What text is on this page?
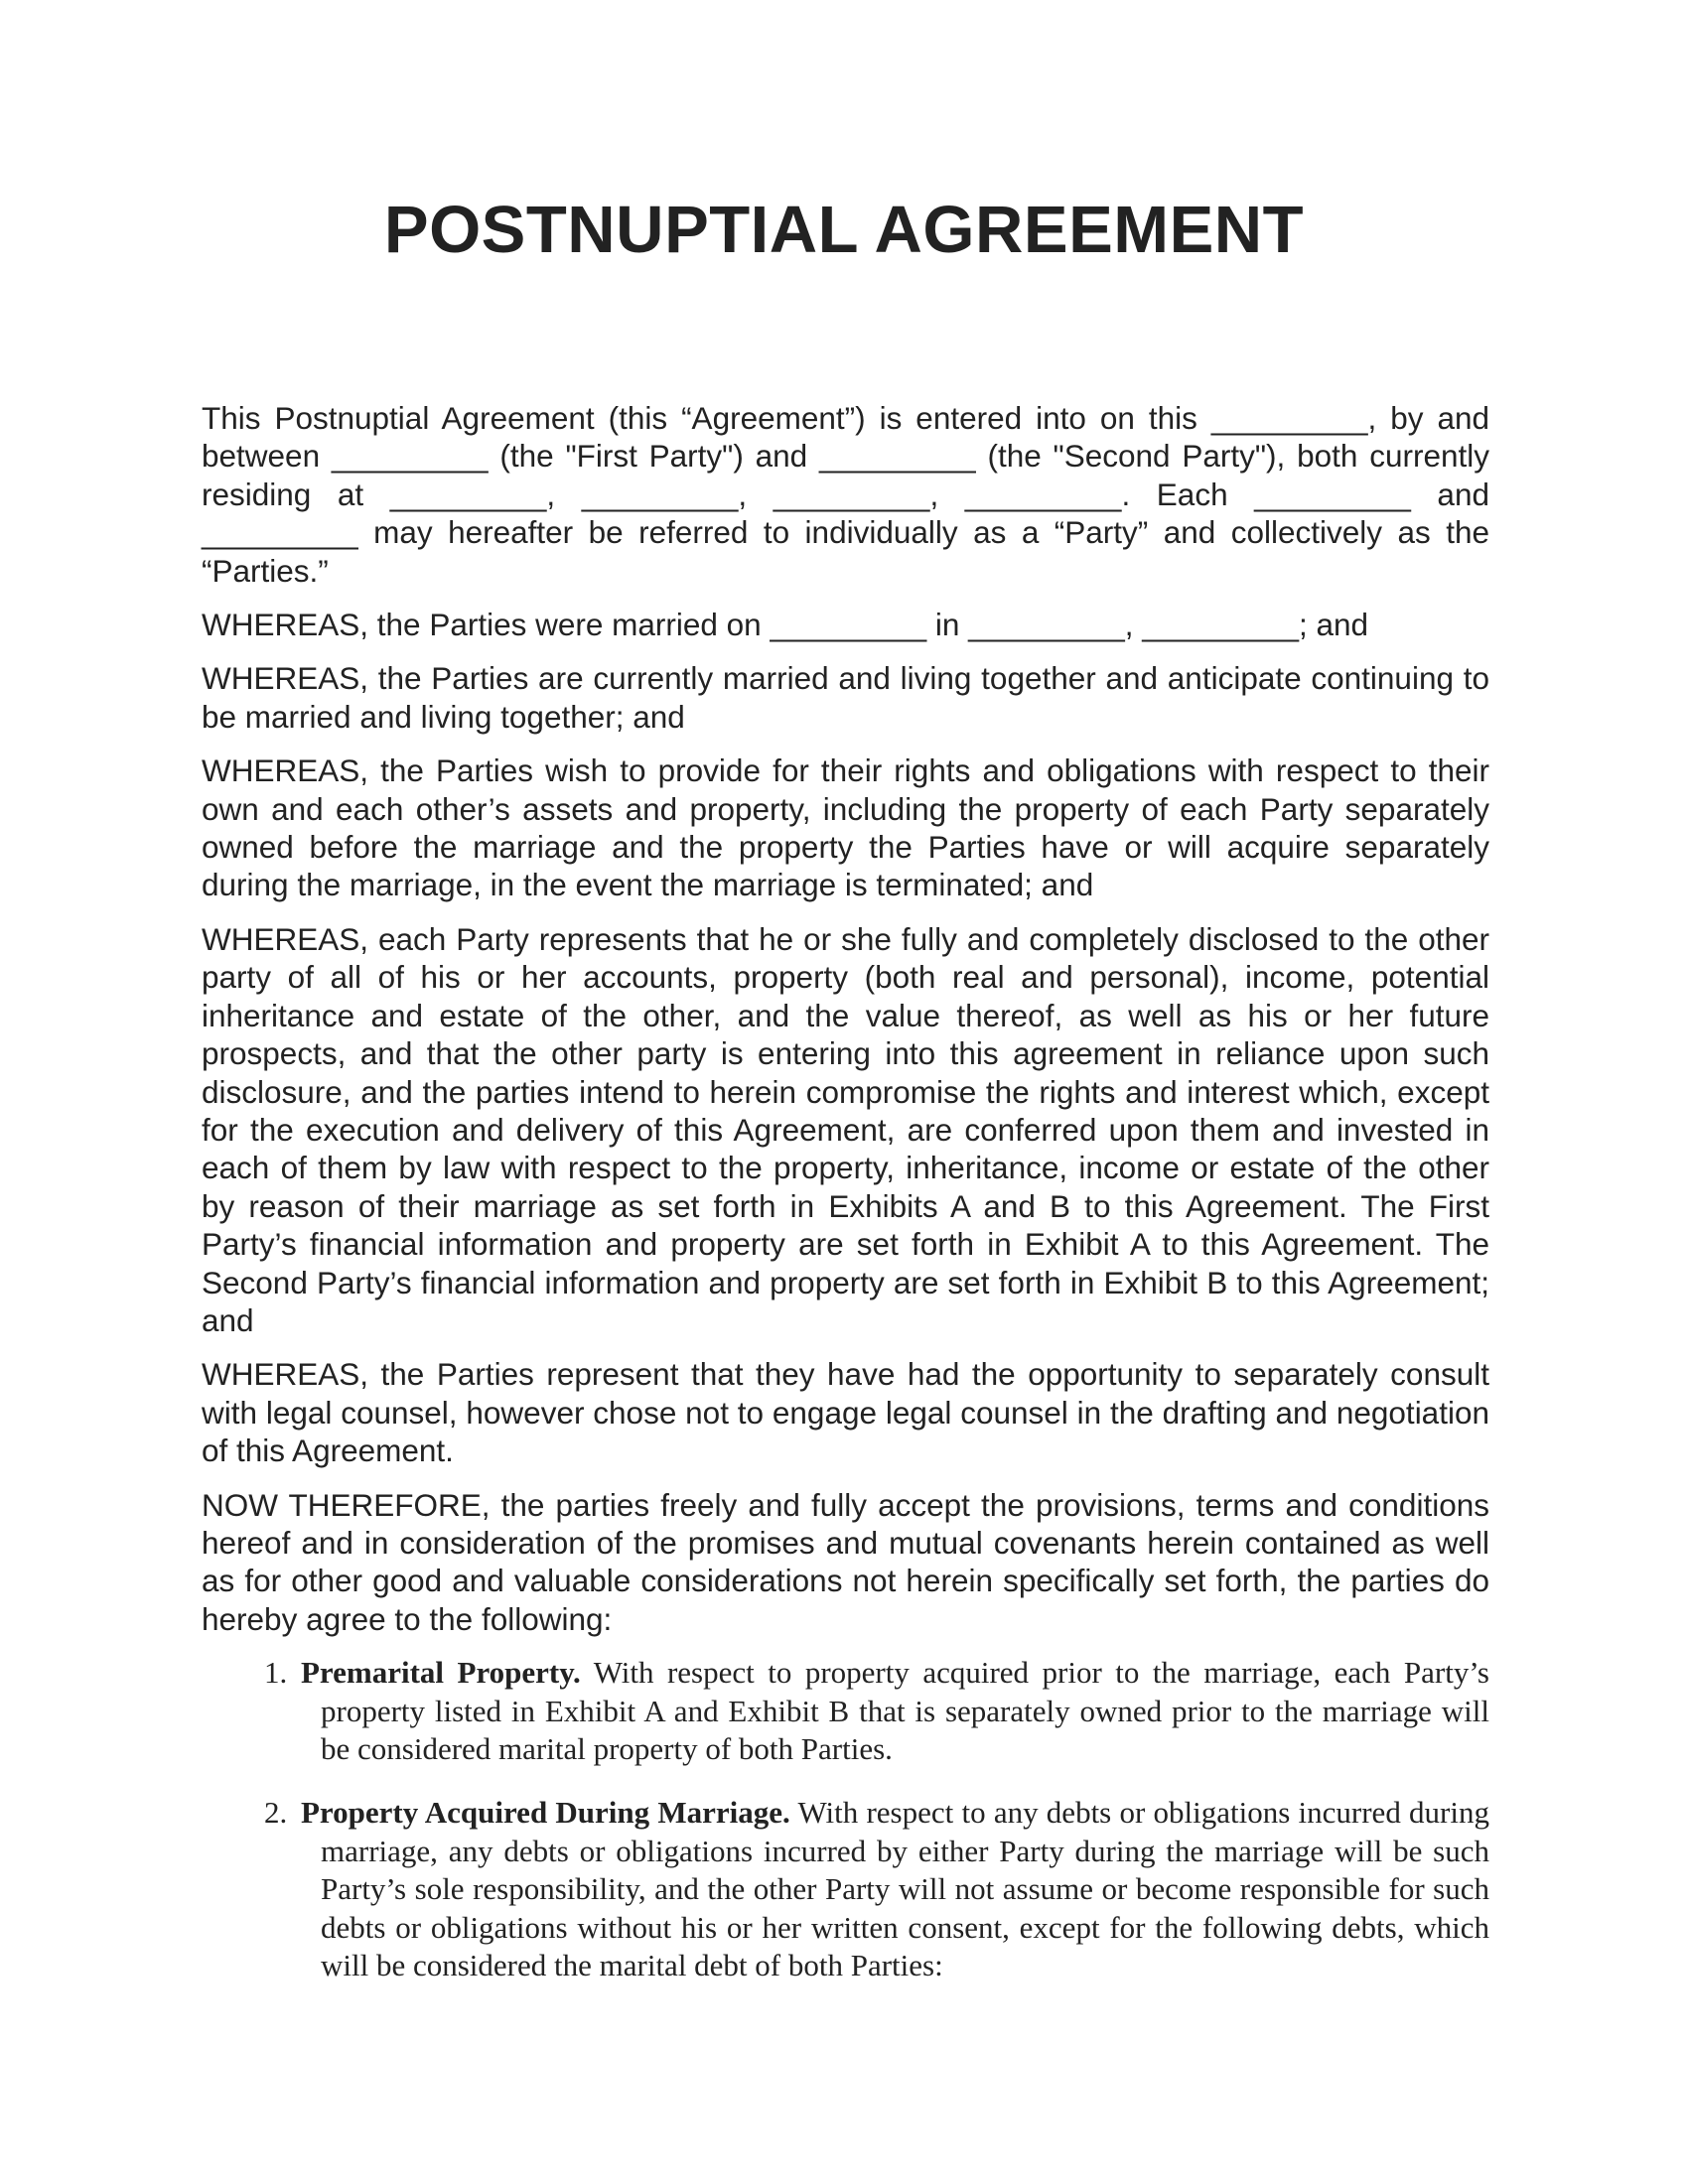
POSTNUPTIAL AGREEMENT

This Postnuptial Agreement (this “Agreement”) is entered into on this _________, by and between _________ (the "First Party") and _________ (the "Second Party"), both currently residing at _________, _________, _________, _________. Each _________ and _________ may hereafter be referred to individually as a “Party” and collectively as the “Parties.”

WHEREAS, the Parties were married on _________ in _________, _________; and

WHEREAS, the Parties are currently married and living together and anticipate continuing to be married and living together; and

WHEREAS, the Parties wish to provide for their rights and obligations with respect to their own and each other’s assets and property, including the property of each Party separately owned before the marriage and the property the Parties have or will acquire separately during the marriage, in the event the marriage is terminated; and

WHEREAS, each Party represents that he or she fully and completely disclosed to the other party of all of his or her accounts, property (both real and personal), income, potential inheritance and estate of the other, and the value thereof, as well as his or her future prospects, and that the other party is entering into this agreement in reliance upon such disclosure, and the parties intend to herein compromise the rights and interest which, except for the execution and delivery of this Agreement, are conferred upon them and invested in each of them by law with respect to the property, inheritance, income or estate of the other by reason of their marriage as set forth in Exhibits A and B to this Agreement. The First Party’s financial information and property are set forth in Exhibit A to this Agreement. The Second Party’s financial information and property are set forth in Exhibit B to this Agreement; and

WHEREAS, the Parties represent that they have had the opportunity to separately consult with legal counsel, however chose not to engage legal counsel in the drafting and negotiation of this Agreement.

NOW THEREFORE, the parties freely and fully accept the provisions, terms and conditions hereof and in consideration of the promises and mutual covenants herein contained as well as for other good and valuable considerations not herein specifically set forth, the parties do hereby agree to the following:

1. Premarital Property. With respect to property acquired prior to the marriage, each Party’s property listed in Exhibit A and Exhibit B that is separately owned prior to the marriage will be considered marital property of both Parties.
2. Property Acquired During Marriage. With respect to any debts or obligations incurred during marriage, any debts or obligations incurred by either Party during the marriage will be such Party’s sole responsibility, and the other Party will not assume or become responsible for such debts or obligations without his or her written consent, except for the following debts, which will be considered the marital debt of both Parties:
